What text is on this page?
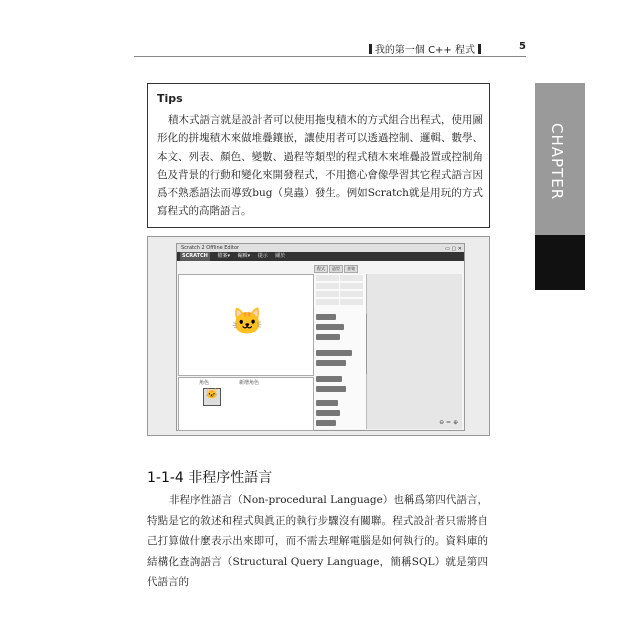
我的第一個 C++ 程式	5
CHAPTER
1
Tips
積木式語言就是設計者可以使用拖曳積木的方式組合出程式，使用圖形化的拼塊積木來做堆疊鑲嵌，讓使用者可以透過控制、邏輯、數學、本文、列表、顏色、變數、過程等類型的程式積木來堆疊設置或控制角色及背景的行動和變化來開發程式，不用擔心會像學習其它程式語言因爲不熟悉語法而導致bug（臭蟲）發生。例如Scratch就是用玩的方式寫程式的高階語言。
Scratch 2 Offline Editor	▭ ▢ ✕
SCRATCH 檔案▾ 編輯▾ 提示 關於
程式 造型 音效
🐱
角色	新增角色
🐱

⊖ = ⊕
1-1-4 非程序性語言
非程序性語言（Non-procedural Language）也稱爲第四代語言，特點是它的敘述和程式與眞正的執行步驟沒有關聯。程式設計者只需將自己打算做什麼表示出來即可，而不需去理解電腦是如何執行的。資料庫的結構化查詢語言（Structural Query Language，簡稱SQL）就是第四代語言的
